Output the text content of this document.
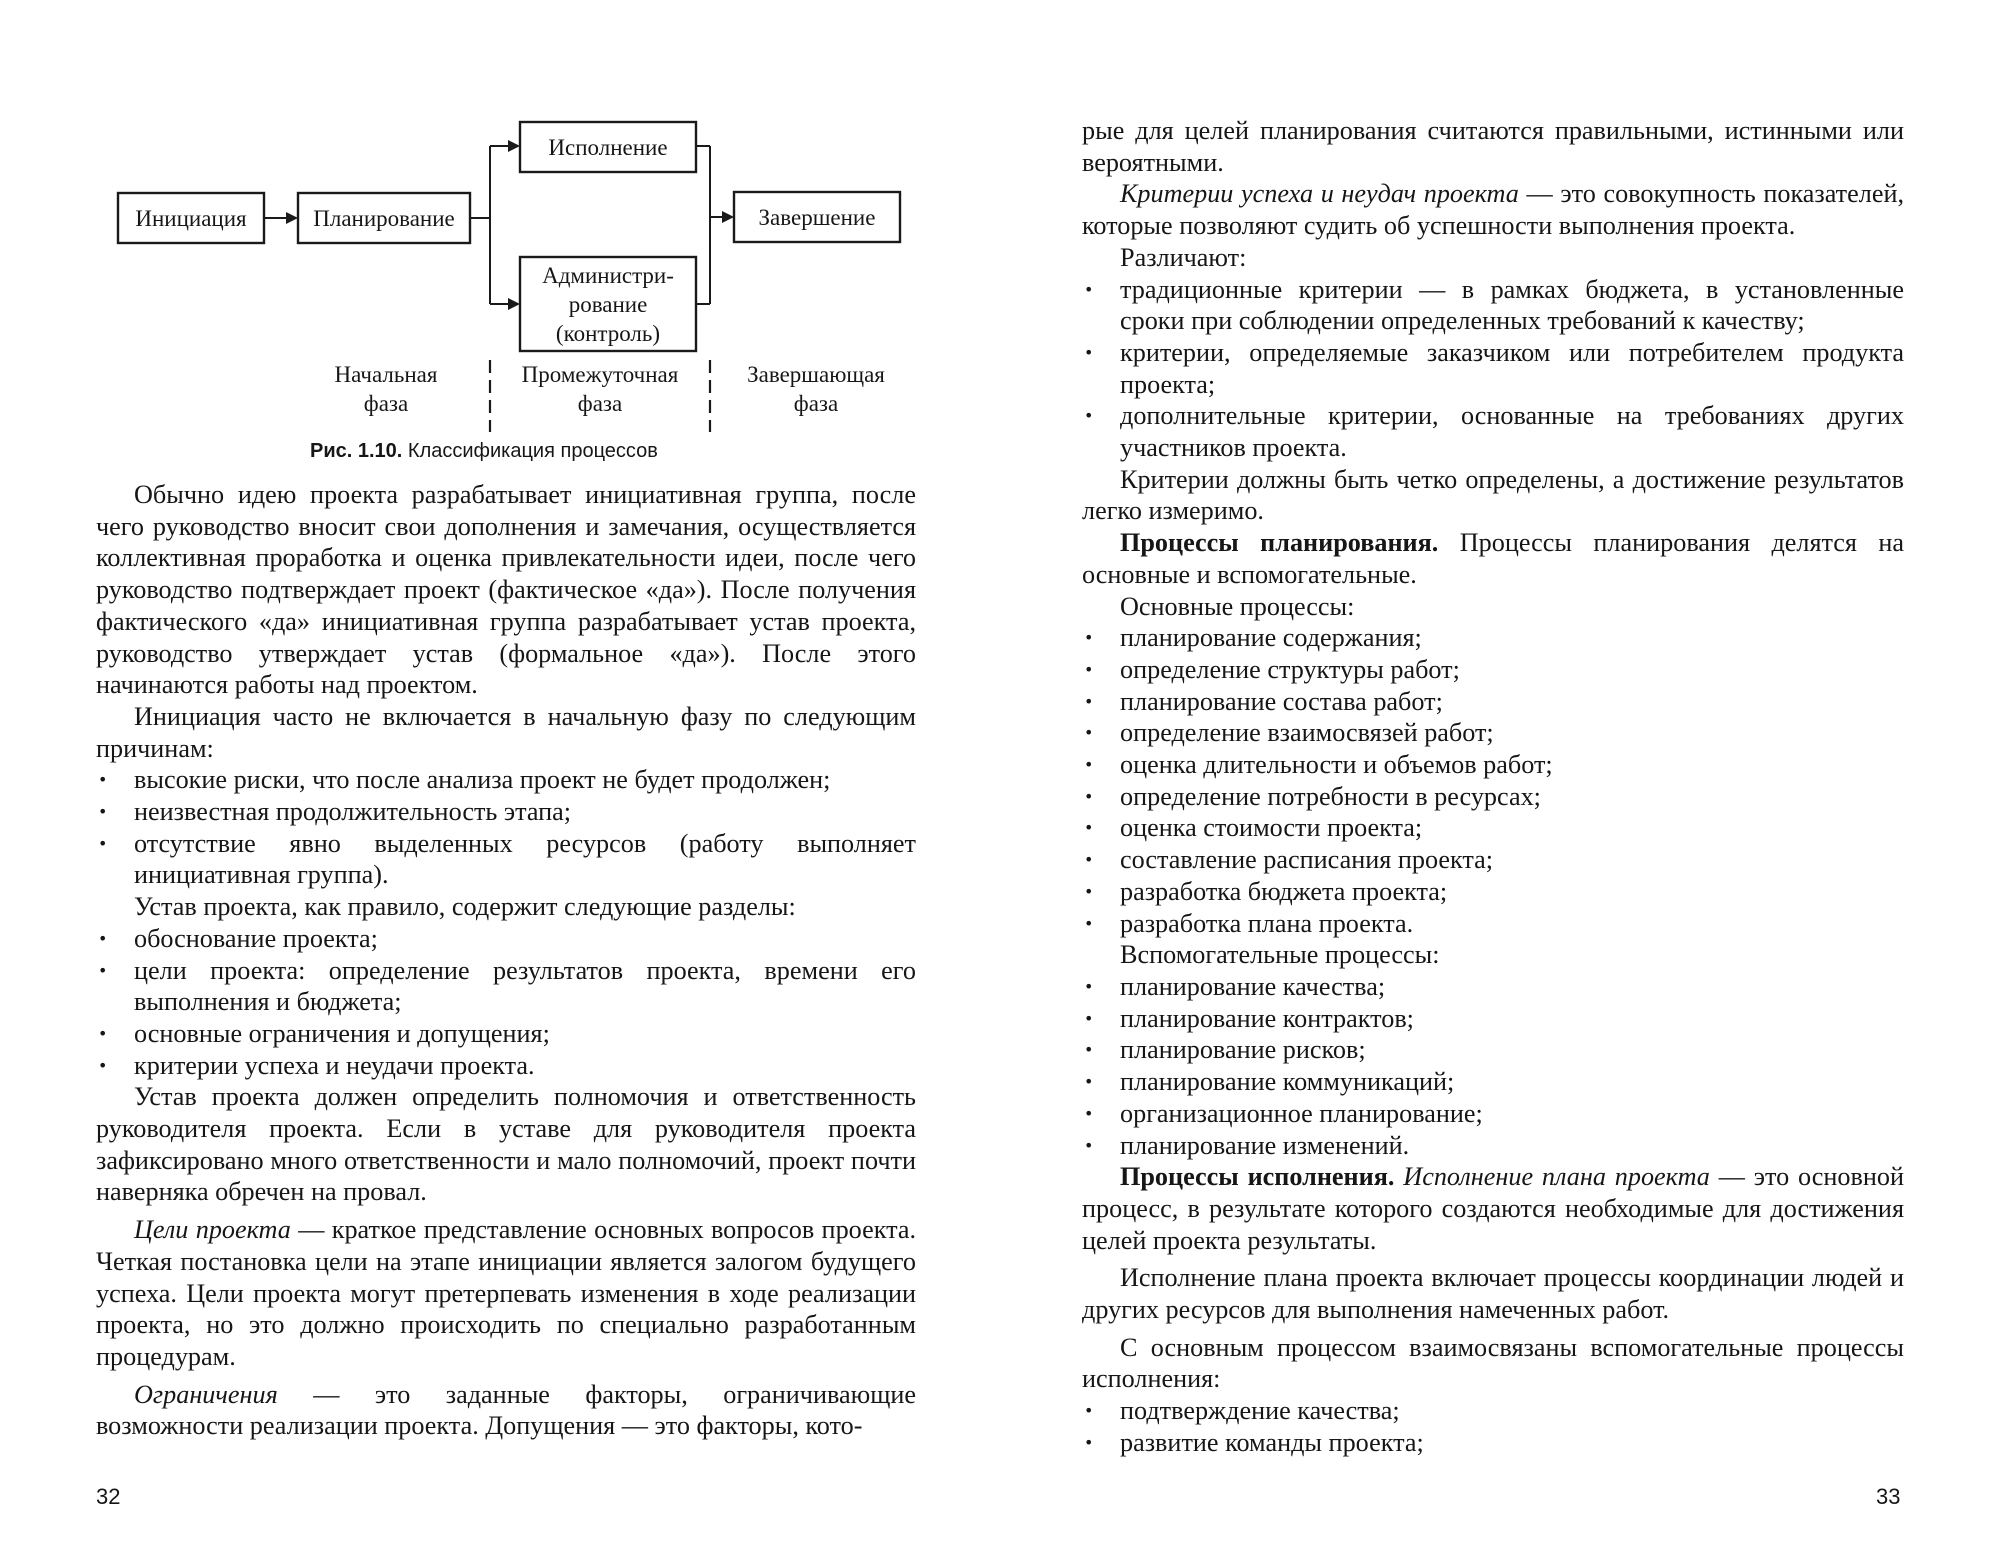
Инициация	Планирование
Исполнение
Администри-
рование
(контроль)
Завершение
Начальная
фаза
Промежуточная
фаза
Завершающая
фаза
Рис. 1.10. Классификация процессов

Обычно идею проекта разрабатывает инициативная группа, после чего руководство вносит свои дополнения и замечания, осуществляется коллективная проработка и оценка привлекательности идеи, после чего руководство подтверждает проект (фактическое «да»). После получения фактического «да» инициативная группа разрабатывает устав проекта, руководство утверждает устав (формальное «да»). После этого начинаются работы над проектом.

Инициация часто не включается в начальную фазу по следующим причинам:

• высокие риски, что после анализа проект не будет продолжен;
• неизвестная продолжительность этапа;
• отсутствие явно выделенных ресурсов (работу выполняет инициативная группа).

Устав проекта, как правило, содержит следующие разделы:

• обоснование проекта;
• цели проекта: определение результатов проекта, времени его выполнения и бюджета;
• основные ограничения и допущения;
• критерии успеха и неудачи проекта.

Устав проекта должен определить полномочия и ответственность руководителя проекта. Если в уставе для руководителя проекта зафиксировано много ответственности и мало полномочий, проект почти наверняка обречен на провал.

Цели проекта — краткое представление основных вопросов проекта. Четкая постановка цели на этапе инициации является залогом будущего успеха. Цели проекта могут претерпевать изменения в ходе реализации проекта, но это должно происходить по специально разработанным процедурам.

Ограничения — это заданные факторы, ограничивающие возможности реализации проекта. Допущения — это факторы, кото-

32

рые для целей планирования считаются правильными, истинными или вероятными.

Критерии успеха и неудач проекта — это совокупность показателей, которые позволяют судить об успешности выполнения проекта.

Различают:

• традиционные критерии — в рамках бюджета, в установленные сроки при соблюдении определенных требований к качеству;
• критерии, определяемые заказчиком или потребителем продукта проекта;
• дополнительные критерии, основанные на требованиях других участников проекта.

Критерии должны быть четко определены, а достижение результатов легко измеримо.

Процессы планирования. Процессы планирования делятся на основные и вспомогательные.

Основные процессы:

• планирование содержания;
• определение структуры работ;
• планирование состава работ;
• определение взаимосвязей работ;
• оценка длительности и объемов работ;
• определение потребности в ресурсах;
• оценка стоимости проекта;
• составление расписания проекта;
• разработка бюджета проекта;
• разработка плана проекта.

Вспомогательные процессы:

• планирование качества;
• планирование контрактов;
• планирование рисков;
• планирование коммуникаций;
• организационное планирование;
• планирование изменений.

Процессы исполнения. Исполнение плана проекта — это основной процесс, в результате которого создаются необходимые для достижения целей проекта результаты.

Исполнение плана проекта включает процессы координации людей и других ресурсов для выполнения намеченных работ.

С основным процессом взаимосвязаны вспомогательные процессы исполнения:

• подтверждение качества;
• развитие команды проекта;
33
